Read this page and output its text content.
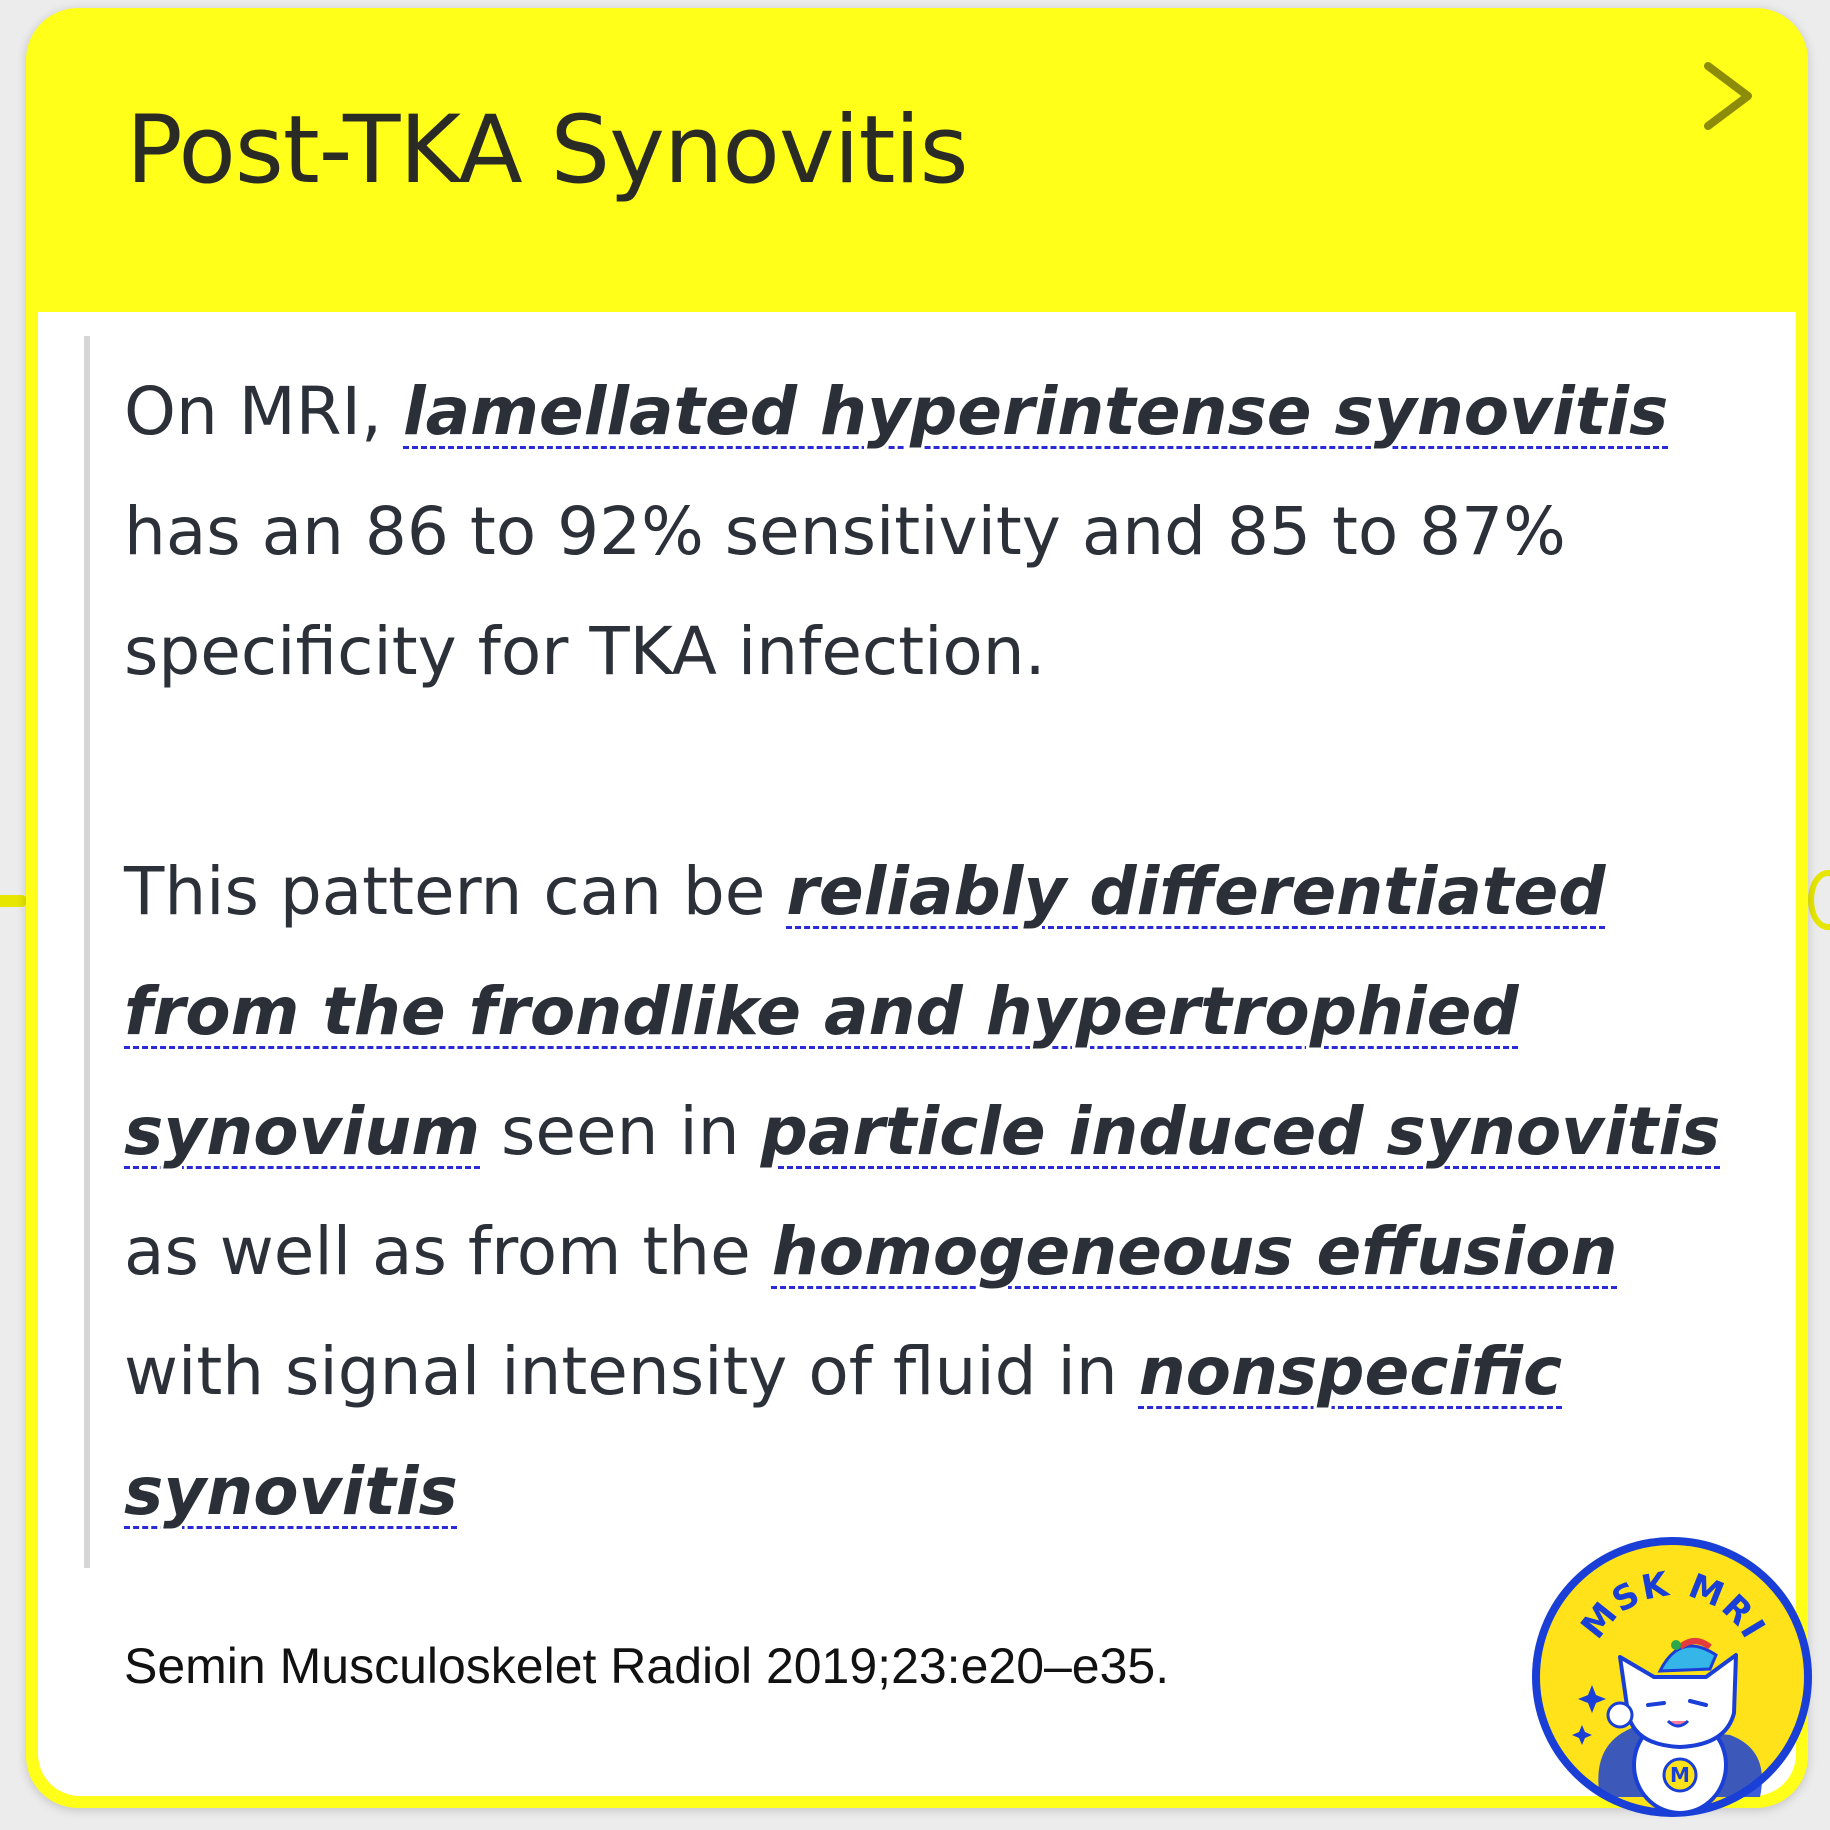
Post-TKA Synovitis

On MRI, lamellated hyperintense synovitis has an 86 to 92% sensitivity and 85 to 87% specificity for TKA infection.

This pattern can be reliably differentiated from the frondlike and hypertrophied synovium seen in particle induced synovitis as well as from the homogeneous effusion with signal intensity of fluid in nonspecific synovitis

Semin Musculoskelet Radiol 2019;23:e20–e35.

MSK MRI
M
